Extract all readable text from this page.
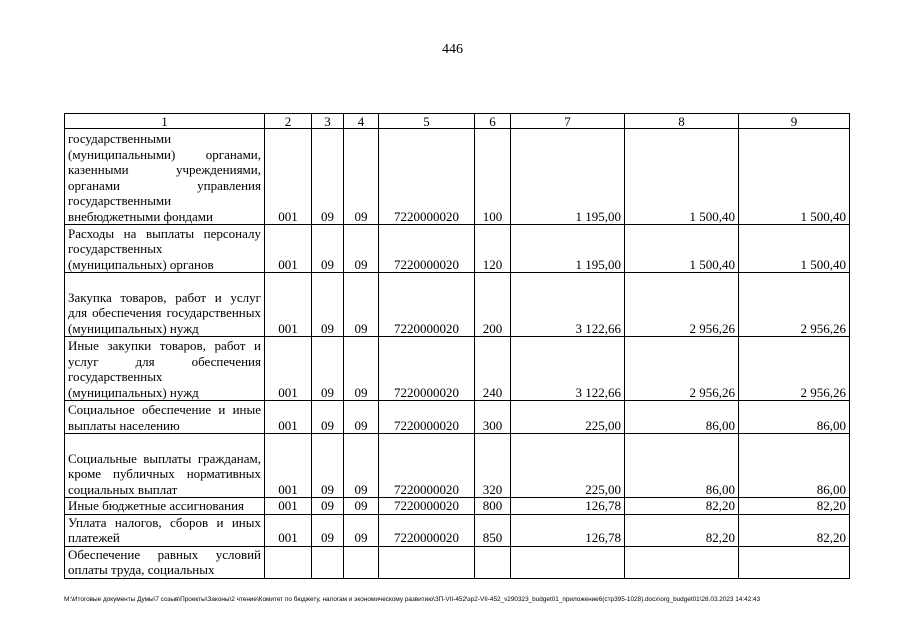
446
1	2	3	4	5	6	7	8	9
государственными (муниципальными) органами, казенными учреждениями, органами управления государственными внебюджетными фондами	001	09	09	7220000020	100	1 195,00	1 500,40	1 500,40
Расходы на выплаты персоналу государственных (муниципальных) органов	001	09	09	7220000020	120	1 195,00	1 500,40	1 500,40
Закупка товаров, работ и услуг для обеспечения государственных (муниципальных) нужд	001	09	09	7220000020	200	3 122,66	2 956,26	2 956,26
Иные закупки товаров, работ и услуг для обеспечения государственных (муниципальных) нужд	001	09	09	7220000020	240	3 122,66	2 956,26	2 956,26
Социальное обеспечение и иные выплаты населению	001	09	09	7220000020	300	225,00	86,00	86,00
Социальные выплаты гражданам, кроме публичных нормативных социальных выплат	001	09	09	7220000020	320	225,00	86,00	86,00
Иные бюджетные ассигнования	001	09	09	7220000020	800	126,78	82,20	82,20
Уплата налогов, сборов и иных платежей	001	09	09	7220000020	850	126,78	82,20	82,20
Обеспечение равных условий оплаты труда, социальных								
M:\Итоговые документы Думы\7 созыв\Проекты\Законы\2 чтение\Комитет по бюджету, налогам и экономическому развитию\ЗП-VII-452\зр2-VII-452_v290323_budget01_приложение6(стр395-1028).docx\org_budget01\28.03.2023 14:42:43
